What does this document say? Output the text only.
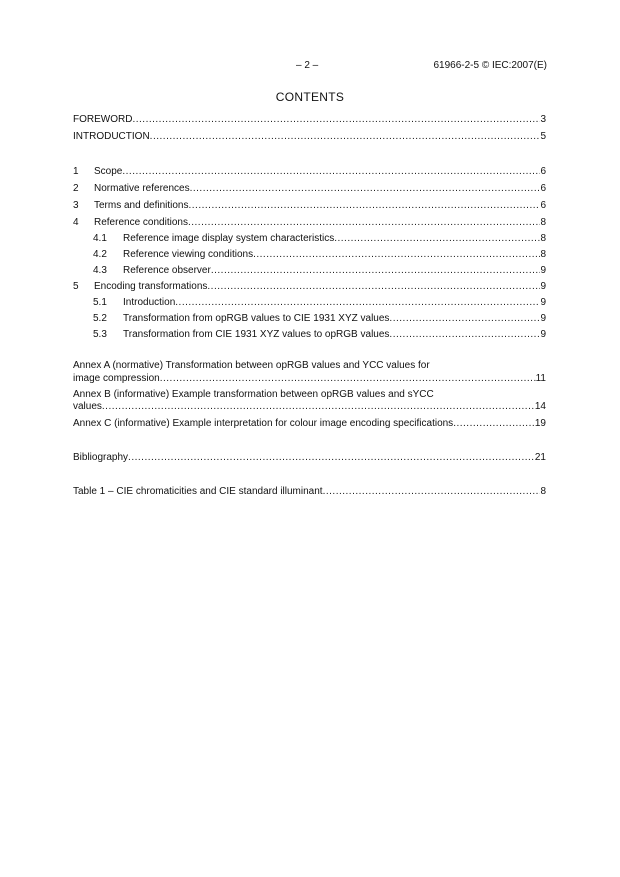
– 2 –	61966-2-5 © IEC:2007(E)
CONTENTS
FOREWORD .....	3
INTRODUCTION .....	5
1	Scope .....	6
2	Normative references .....	6
3	Terms and definitions .....	6
4	Reference conditions .....	8
4.1	Reference image display system characteristics .....	8
4.2	Reference viewing conditions .....	8
4.3	Reference observer .....	9
5	Encoding transformations .....	9
5.1	Introduction .....	9
5.2	Transformation from opRGB values to CIE 1931 XYZ values .....	9
5.3	Transformation from CIE 1931 XYZ values to opRGB values .....	9
Annex A (normative) Transformation between opRGB values and YCC values for
image compression .....	11
Annex B (informative) Example transformation between opRGB values and sYCC
values .....	14
Annex C (informative) Example interpretation for colour image encoding specifications .....	19
Bibliography .....	21
Table 1 – CIE chromaticities and CIE standard illuminant .....	8
